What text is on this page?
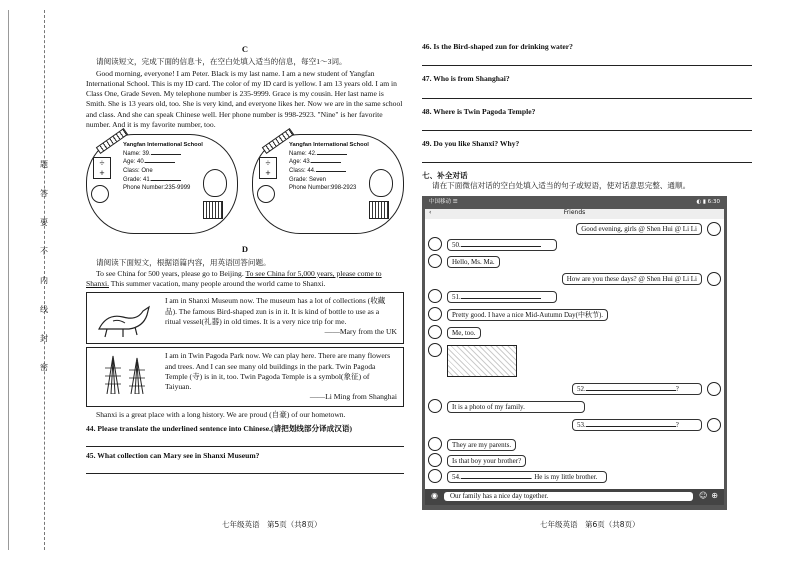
题
答
要
不
内
线
封
密
C

请阅读短文，完成下面的信息卡，在空白处填入适当的信息，每空1～3词。

Good morning, everyone! I am Peter. Black is my last name. I am a new student of Yangfan International School. This is my ID card. The color of my ID card is yellow. I am 13 years old. I am in Class One, Grade Seven. My telephone number is 235-9999. Grace is my cousin. Her last name is Smith. She is 13 years old, too. She is very kind, and everyone likes her. Now we are in the same school and class. And she can speak Chinese well. Her phone number is 998-2923. "Nine" is her favorite number. And it is my favorite number, too.

÷
+
Yangfan International School
Name: 39.
Age: 40.
Class: One
Grade: 41.
Phone Number:235-9999
÷
+
Yangfan International School
Name: 42.
Age: 43.
Class: 44.
Grade: Seven
Phone Number:998-2923
D

请阅读下面短文，根据语篇内容，用英语回答问题。

To see China for 500 years, please go to Beijing. To see China for 5,000 years, please come to Shanxi. This summer vacation, many people around the world came to Shanxi.

I am in Shanxi Museum now. The museum has a lot of collections (收藏品). The famous Bird-shaped zun is in it. It is kind of bottle to use as a ritual vessel(礼器) in old times. It is a very nice trip for me.
——Mary from the UK
I am in Twin Pagoda Park now. We can play here. There are many flowers and trees. And I can see many old buildings in the park. Twin Pagoda Temple (寺) is in it, too. Twin Pagoda Temple is a symbol(象征) of Taiyuan.
——Li Ming from Shanghai

Shanxi is a great place with a long history. We are proud (自豪) of our hometown.

44. Please translate the underlined sentence into Chinese.(请把划线部分译成汉语)
45. What collection can Mary see in Shanxi Museum?
七年级英语　第5页（共8页）
46. Is the Bird-shaped zun for drinking water?
47. Who is from Shanghai?
48. Where is Twin Pagoda Temple?
49. Do you like Shanxi? Why?
七、补全对话

请在下面微信对话的空白处填入适当的句子或短语，使对话意思完整、通顺。

中国移动 ☰	◐ ▮ 6:30
‹	Friends
Good evening, girls @ Shen Hui @ Li Li
50.
Hello, Ms. Ma.
How are you these days? @ Shen Hui @ Li Li
51.
Pretty good. I have a nice Mid-Autumn Day(中秋节).
Me, too.
52.	?
It is a photo of my family.
53.	?
They are my parents.
Is that boy your brother?
54.	. He is my little brother.
◉	Our family has a nice day together.	☺ ⊕
七年级英语　第6页（共8页）
